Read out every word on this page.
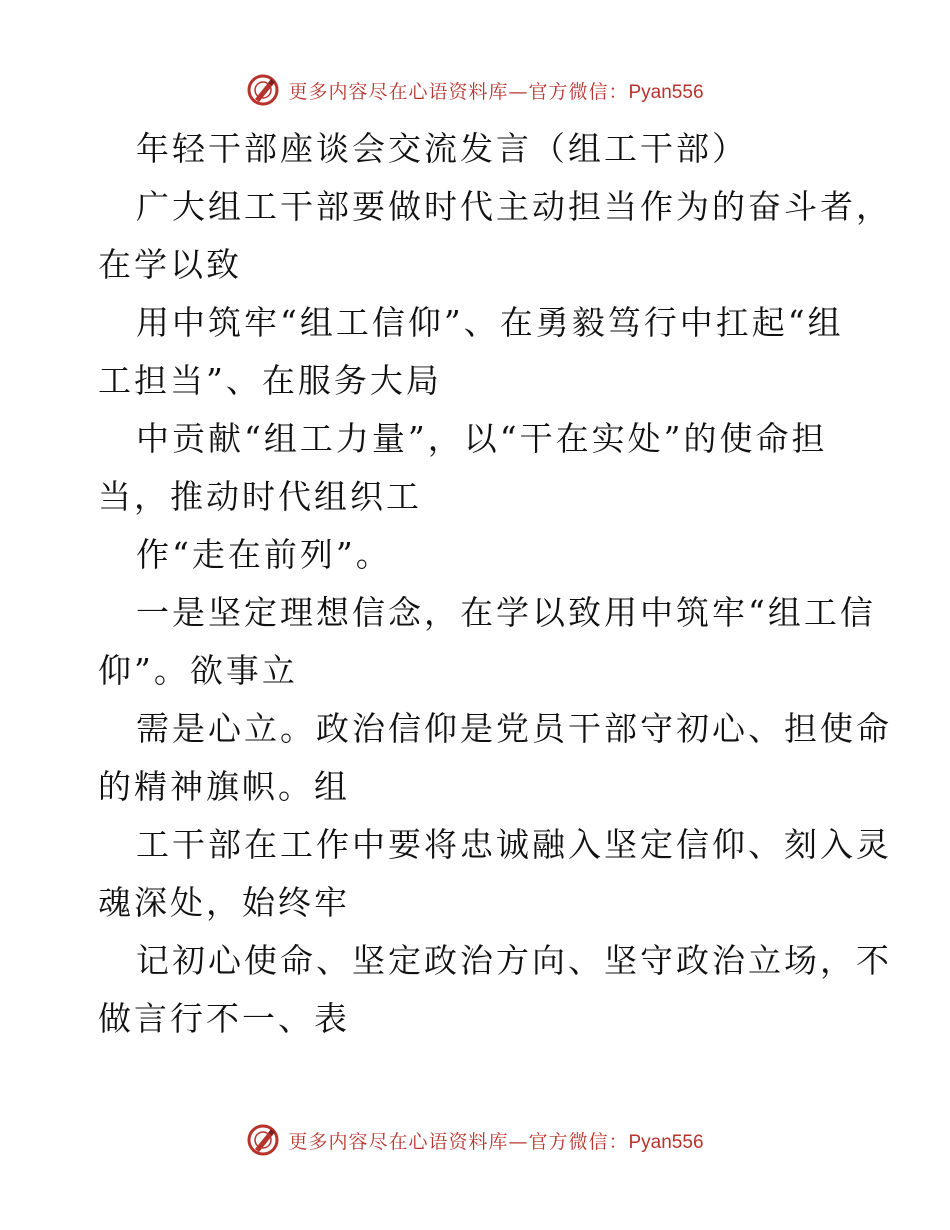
更多内容尽在心语资料库—官方微信：Pyan556
年轻干部座谈会交流发言（组工干部）
广大组工干部要做时代主动担当作为的奋斗者，
在学以致
用中筑牢“组工信仰”、在勇毅笃行中扛起“组
工担当”、在服务大局
中贡献“组工力量”，以“干在实处”的使命担
当，推动时代组织工
作“走在前列”。
一是坚定理想信念，在学以致用中筑牢“组工信
仰”。欲事立
需是心立。政治信仰是党员干部守初心、担使命
的精神旗帜。组
工干部在工作中要将忠诚融入坚定信仰、刻入灵
魂深处，始终牢
记初心使命、坚定政治方向、坚守政治立场，不
做言行不一、表
更多内容尽在心语资料库—官方微信：Pyan556
